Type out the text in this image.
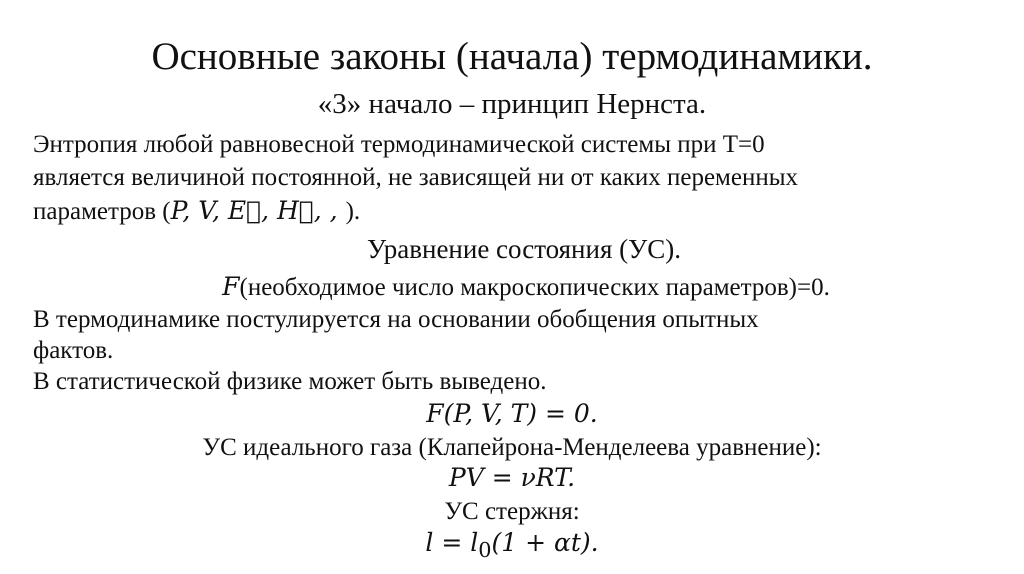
Основные законы (начала) термодинамики.
«3» начало – принцип Нернста.
Энтропия любой равновесной термодинамической системы при T=0
является величиной постоянной, не зависящей ни от каких переменных
параметров (P, V, E⃗, H⃗, , ).
Уравнение состояния (УС).
F(необходимое число макроскопических параметров)=0.
В термодинамике постулируется на основании обобщения опытных
фактов.
В статистической физике может быть выведено.
F(P, V, T) = 0.
УС идеального газа (Клапейрона-Менделеева уравнение):
PV = νRT.
УС стержня:
$l = l_0(1 + \alpha t)$.
